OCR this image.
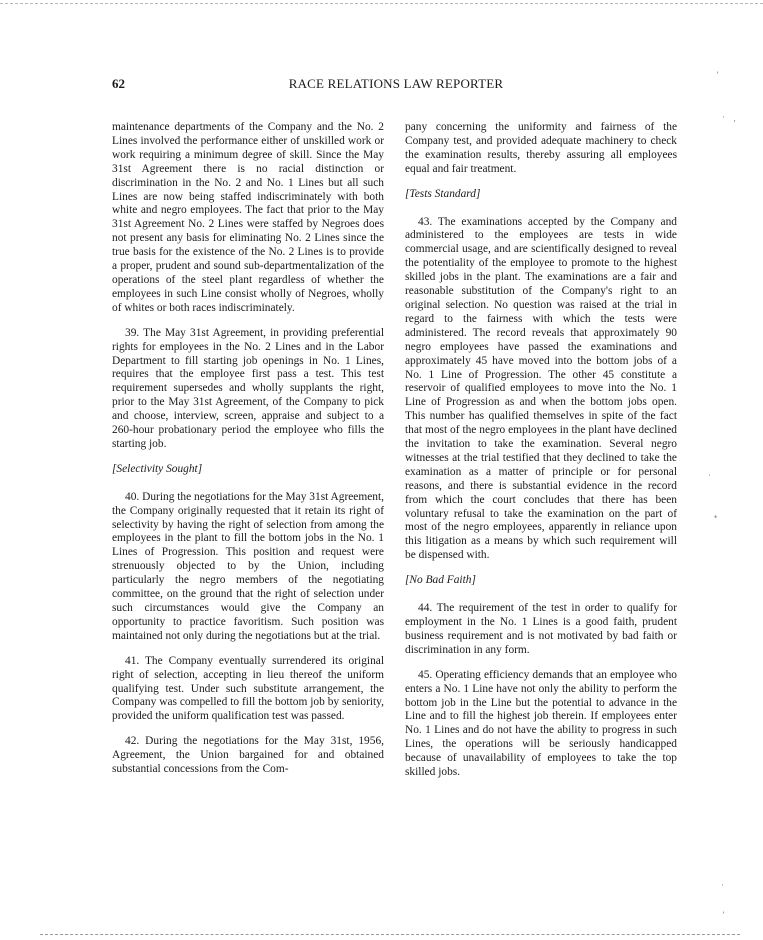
62	RACE RELATIONS LAW REPORTER

maintenance departments of the Company and the No. 2 Lines involved the performance either of unskilled work or work requiring a minimum degree of skill. Since the May 31st Agreement there is no racial distinction or discrimination in the No. 2 and No. 1 Lines but all such Lines are now being staffed indiscriminately with both white and negro employees. The fact that prior to the May 31st Agreement No. 2 Lines were staffed by Negroes does not present any basis for eliminating No. 2 Lines since the true basis for the existence of the No. 2 Lines is to provide a proper, prudent and sound sub-departmentalization of the operations of the steel plant regardless of whether the employees in such Line consist wholly of Negroes, wholly of whites or both races indiscriminately.

39. The May 31st Agreement, in providing preferential rights for employees in the No. 2 Lines and in the Labor Department to fill starting job openings in No. 1 Lines, requires that the employee first pass a test. This test requirement supersedes and wholly supplants the right, prior to the May 31st Agreement, of the Company to pick and choose, interview, screen, appraise and subject to a 260-hour probationary period the employee who fills the starting job.

[Selectivity Sought]

40. During the negotiations for the May 31st Agreement, the Company originally requested that it retain its right of selectivity by having the right of selection from among the employees in the plant to fill the bottom jobs in the No. 1 Lines of Progression. This position and request were strenuously objected to by the Union, including particularly the negro members of the negotiating committee, on the ground that the right of selection under such circumstances would give the Company an opportunity to practice favoritism. Such position was maintained not only during the negotiations but at the trial.

41. The Company eventually surrendered its original right of selection, accepting in lieu thereof the uniform qualifying test. Under such substitute arrangement, the Company was compelled to fill the bottom job by seniority, provided the uniform qualification test was passed.

42. During the negotiations for the May 31st, 1956, Agreement, the Union bargained for and obtained substantial concessions from the Com-

pany concerning the uniformity and fairness of the Company test, and provided adequate machinery to check the examination results, thereby assuring all employees equal and fair treatment.

[Tests Standard]

43. The examinations accepted by the Company and administered to the employees are tests in wide commercial usage, and are scientifically designed to reveal the potentiality of the employee to promote to the highest skilled jobs in the plant. The examinations are a fair and reasonable substitution of the Company's right to an original selection. No question was raised at the trial in regard to the fairness with which the tests were administered. The record reveals that approximately 90 negro employees have passed the examinations and approximately 45 have moved into the bottom jobs of a No. 1 Line of Progression. The other 45 constitute a reservoir of qualified employees to move into the No. 1 Line of Progression as and when the bottom jobs open. This number has qualified themselves in spite of the fact that most of the negro employees in the plant have declined the invitation to take the examination. Several negro witnesses at the trial testified that they declined to take the examination as a matter of principle or for personal reasons, and there is substantial evidence in the record from which the court concludes that there has been voluntary refusal to take the examination on the part of most of the negro employees, apparently in reliance upon this litigation as a means by which such requirement will be dispensed with.

[No Bad Faith]

44. The requirement of the test in order to qualify for employment in the No. 1 Lines is a good faith, prudent business requirement and is not motivated by bad faith or discrimination in any form.

45. Operating efficiency demands that an employee who enters a No. 1 Line have not only the ability to perform the bottom job in the Line but the potential to advance in the Line and to fill the highest job therein. If employees enter No. 1 Lines and do not have the ability to progress in such Lines, the operations will be seriously handicapped because of unavailability of employees to take the top skilled jobs.

’
· ‚
·
•
·
’
